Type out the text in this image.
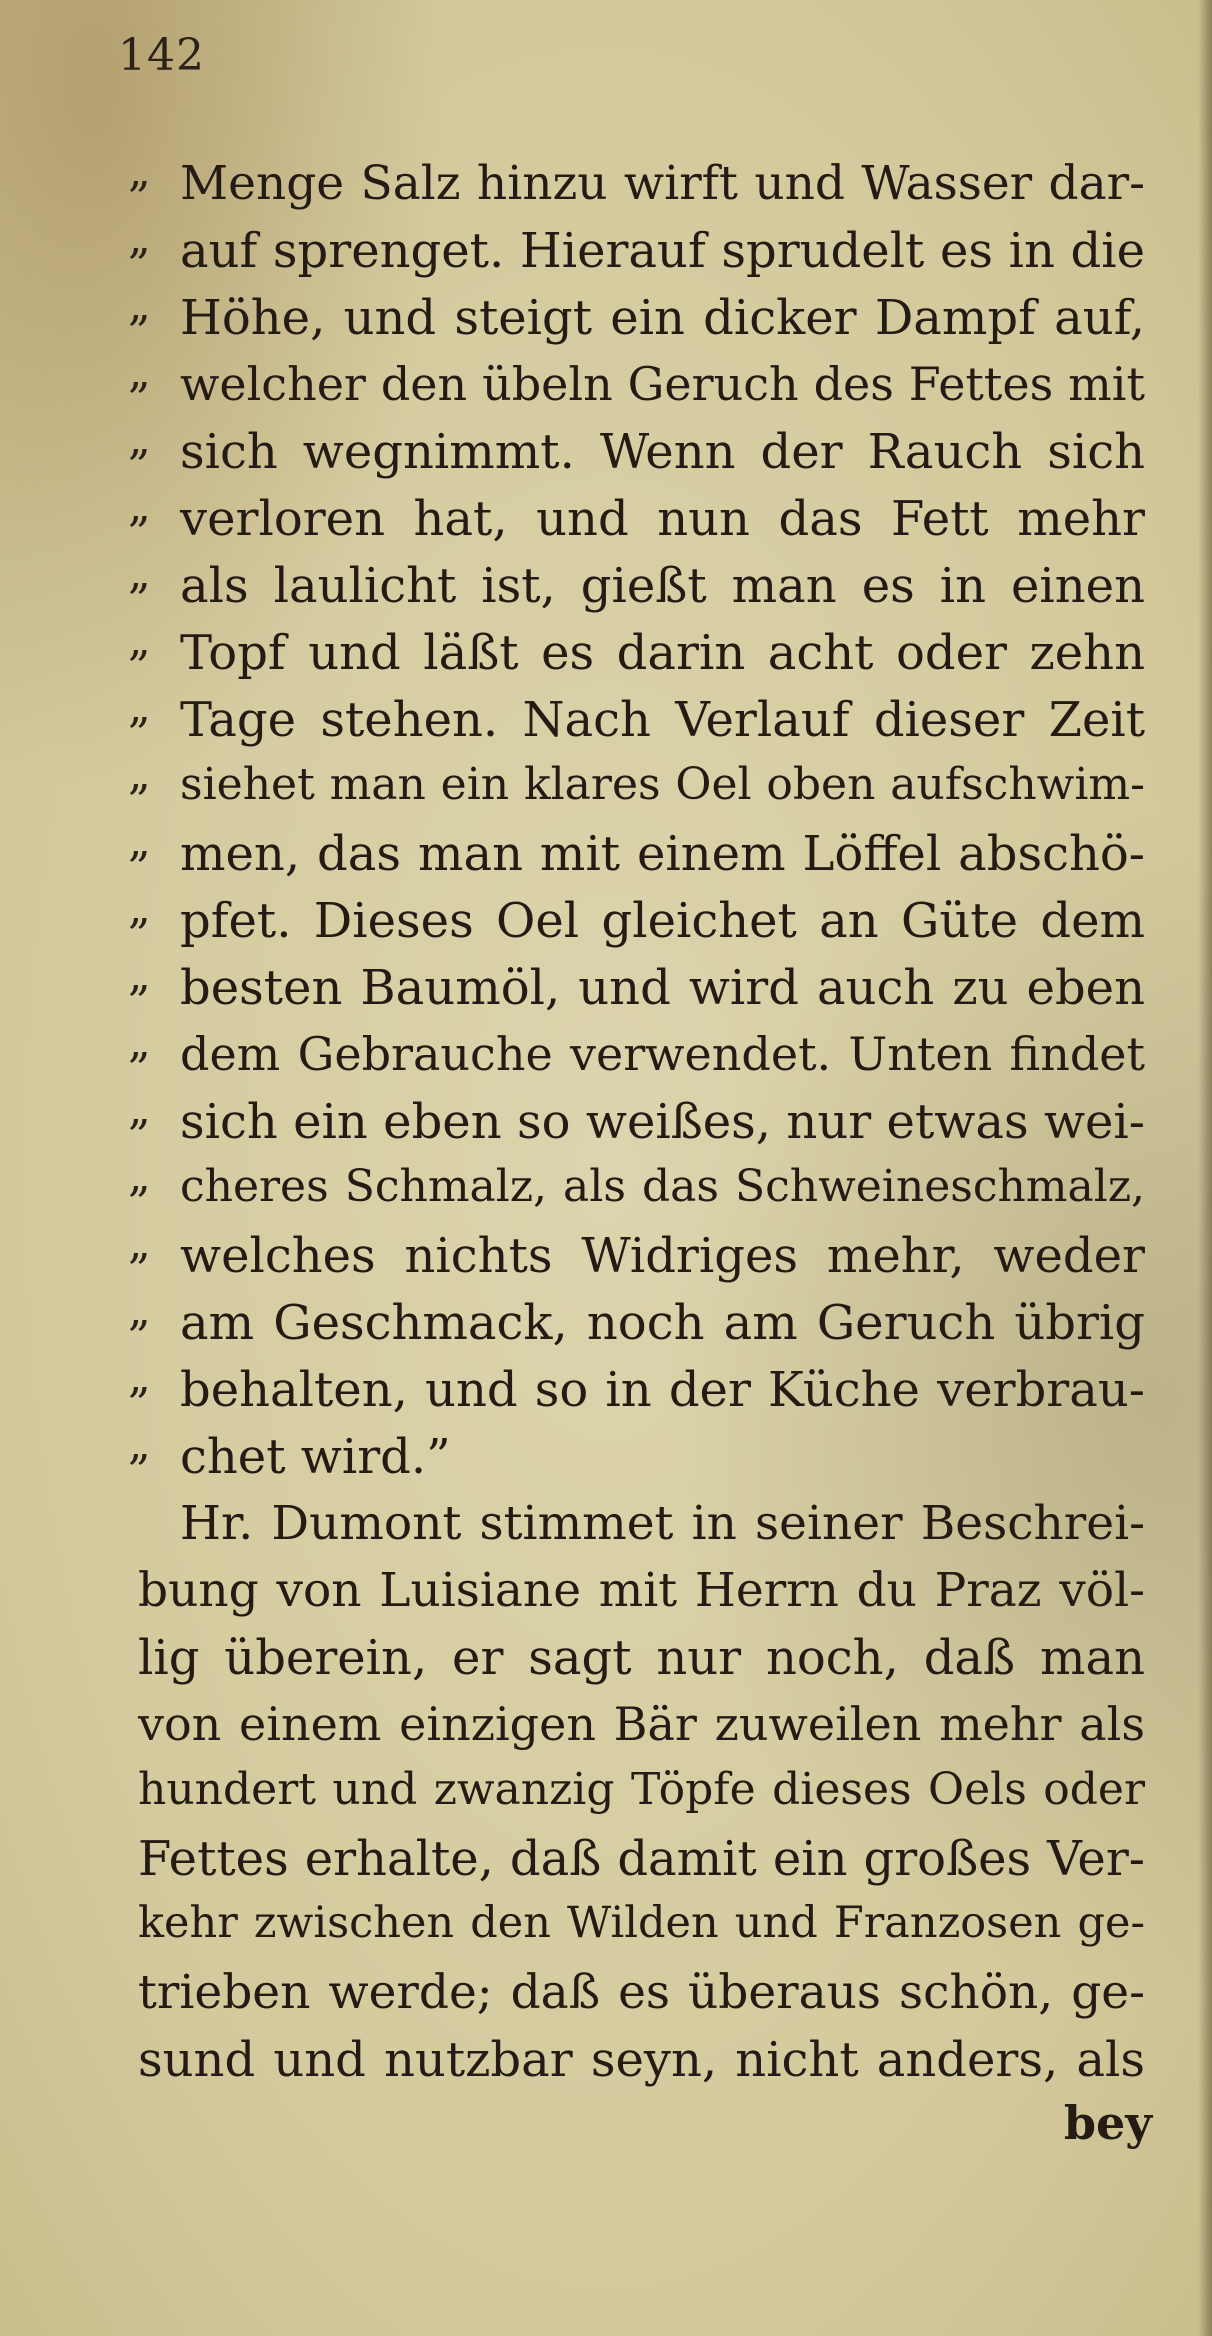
142
„ Menge Salz hinzu wirft und Wasser dar-
„ auf sprenget. Hierauf sprudelt es in die
„ Höhe, und steigt ein dicker Dampf auf,
„ welcher den übeln Geruch des Fettes mit
„ sich wegnimmt. Wenn der Rauch sich
„ verloren hat, und nun das Fett mehr
„ als laulicht ist, gießt man es in einen
„ Topf und läßt es darin acht oder zehn
„ Tage stehen. Nach Verlauf dieser Zeit
„ siehet man ein klares Oel oben aufschwim-
„ men, das man mit einem Löffel abschö-
„ pfet. Dieses Oel gleichet an Güte dem
„ besten Baumöl, und wird auch zu eben
„ dem Gebrauche verwendet. Unten findet
„ sich ein eben so weißes, nur etwas wei-
„ cheres Schmalz, als das Schweineschmalz,
„ welches nichts Widriges mehr, weder
„ am Geschmack, noch am Geruch übrig
„ behalten, und so in der Küche verbrau-
„ chet wird.”
Hr. Dumont stimmet in seiner Beschrei-
bung von Luisiane mit Herrn du Praz völ-
lig überein, er sagt nur noch, daß man
von einem einzigen Bär zuweilen mehr als
hundert und zwanzig Töpfe dieses Oels oder
Fettes erhalte, daß damit ein großes Ver-
kehr zwischen den Wilden und Franzosen ge-
trieben werde; daß es überaus schön, ge-
sund und nutzbar seyn, nicht anders, als
bey
